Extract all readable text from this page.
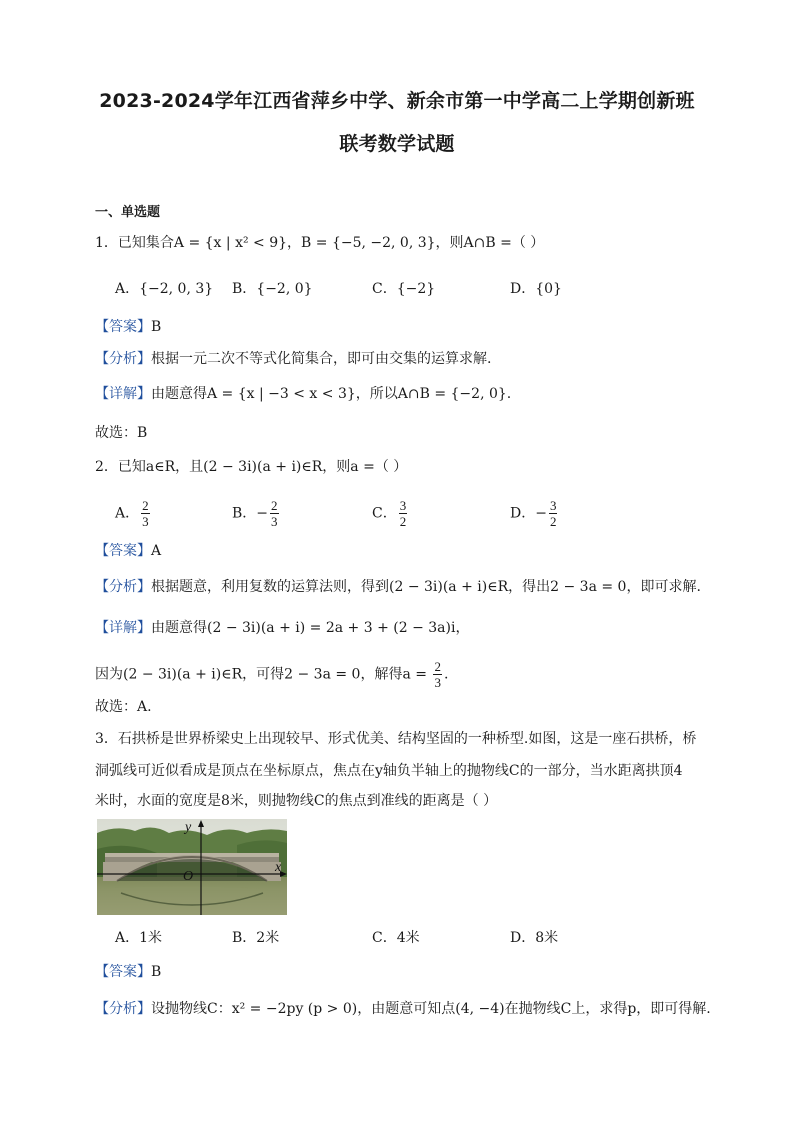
2023-2024学年江西省萍乡中学、新余市第一中学高二上学期创新班
联考数学试题
一、单选题
1．已知集合A = {x | x² < 9}，B = {−5, −2, 0, 3}，则A∩B =（ ）
A．{−2, 0, 3} B．{−2, 0}	C．{−2}	D．{0}
【答案】B
【分析】根据一元二次不等式化简集合，即可由交集的运算求解.
【详解】由题意得A = {x | −3 < x < 3}，所以A∩B = {−2, 0}.
故选：B
2．已知a∈R，且(2 − 3i)(a + i)∈R，则a =（ ）
A． $\frac{2}{3}$	B．− $\frac{2}{3}$	C． $\frac{3}{2}$	D．− $\frac{3}{2}$
【答案】A
【分析】根据题意，利用复数的运算法则，得到(2 − 3i)(a + i)∈R，得出2 − 3a = 0，即可求解.
【详解】由题意得(2 − 3i)(a + i) = 2a + 3 + (2 − 3a)i，
因为(2 − 3i)(a + i)∈R，可得2 − 3a = 0，解得$a = \frac{2}{3}$ .
故选：A.
3．石拱桥是世界桥梁史上出现较早、形式优美、结构坚固的一种桥型.如图，这是一座石拱桥，桥
洞弧线可近似看成是顶点在坐标原点，焦点在y轴负半轴上的抛物线C的一部分，当水距离拱顶4
米时，水面的宽度是8米，则抛物线C的焦点到准线的距离是（ ）
y
x
O
A．1米	B．2米	C．4米	D．8米
【答案】B
【分析】设抛物线C：x² = −2py (p > 0)，由题意可知点(4, −4)在抛物线C上，求得p，即可得解.
